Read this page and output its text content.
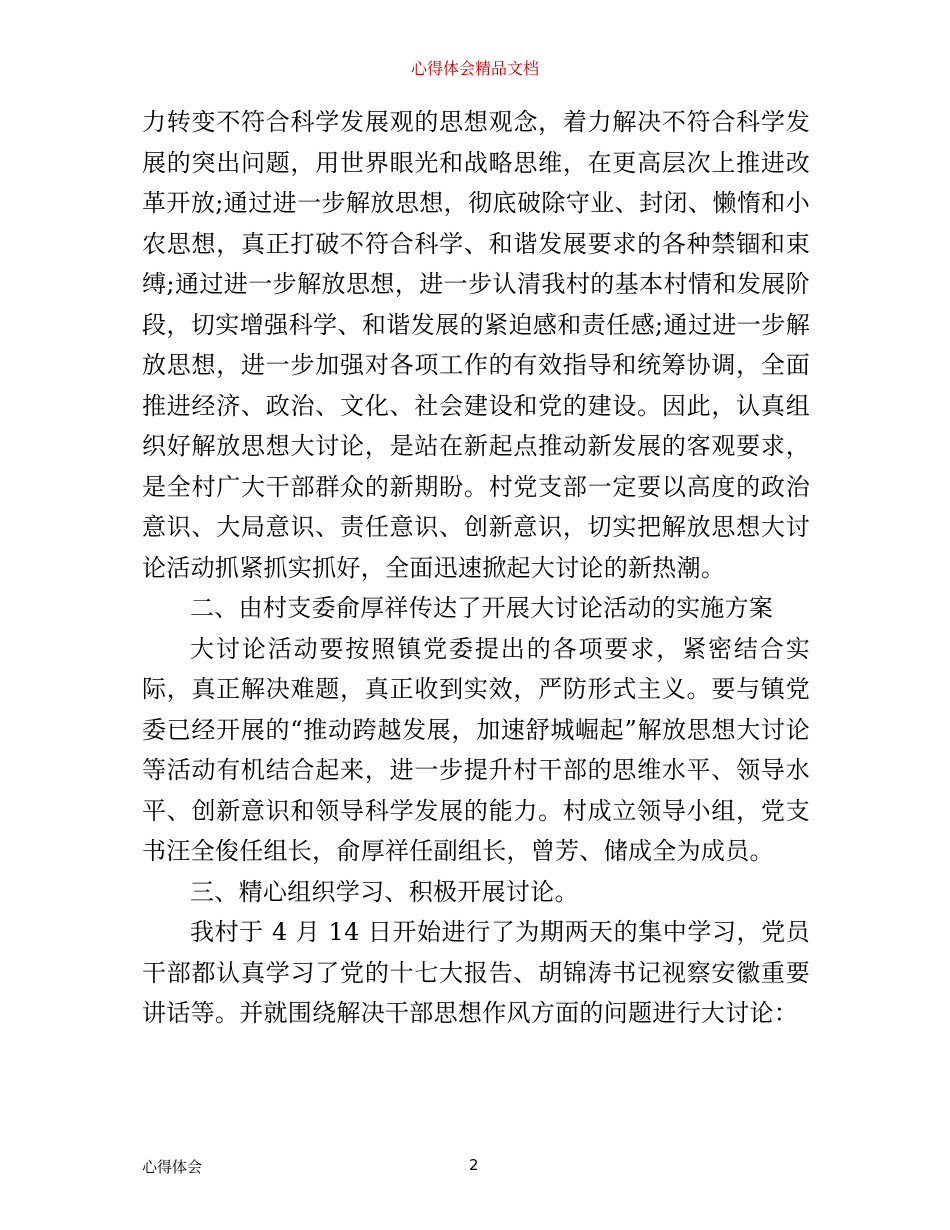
心得体会精品文档

力转变不符合科学发展观的思想观念，着力解决不符合科学发展的突出问题，用世界眼光和战略思维，在更高层次上推进改革开放;通过进一步解放思想，彻底破除守业、封闭、懒惰和小农思想，真正打破不符合科学、和谐发展要求的各种禁锢和束缚;通过进一步解放思想，进一步认清我村的基本村情和发展阶段，切实增强科学、和谐发展的紧迫感和责任感;通过进一步解放思想，进一步加强对各项工作的有效指导和统筹协调，全面推进经济、政治、文化、社会建设和党的建设。因此，认真组织好解放思想大讨论，是站在新起点推动新发展的客观要求，是全村广大干部群众的新期盼。村党支部一定要以高度的政治意识、大局意识、责任意识、创新意识，切实把解放思想大讨论活动抓紧抓实抓好，全面迅速掀起大讨论的新热潮。

二、由村支委俞厚祥传达了开展大讨论活动的实施方案

大讨论活动要按照镇党委提出的各项要求，紧密结合实际，真正解决难题，真正收到实效，严防形式主义。要与镇党委已经开展的“推动跨越发展，加速舒城崛起”解放思想大讨论等活动有机结合起来，进一步提升村干部的思维水平、领导水平、创新意识和领导科学发展的能力。村成立领导小组，党支书汪全俊任组长，俞厚祥任副组长，曾芳、储成全为成员。

三、精心组织学习、积极开展讨论。

我村于 4 月 14 日开始进行了为期两天的集中学习，党员干部都认真学习了党的十七大报告、胡锦涛书记视察安徽重要讲话等。并就围绕解决干部思想作风方面的问题进行大讨论：

心得体会	2
